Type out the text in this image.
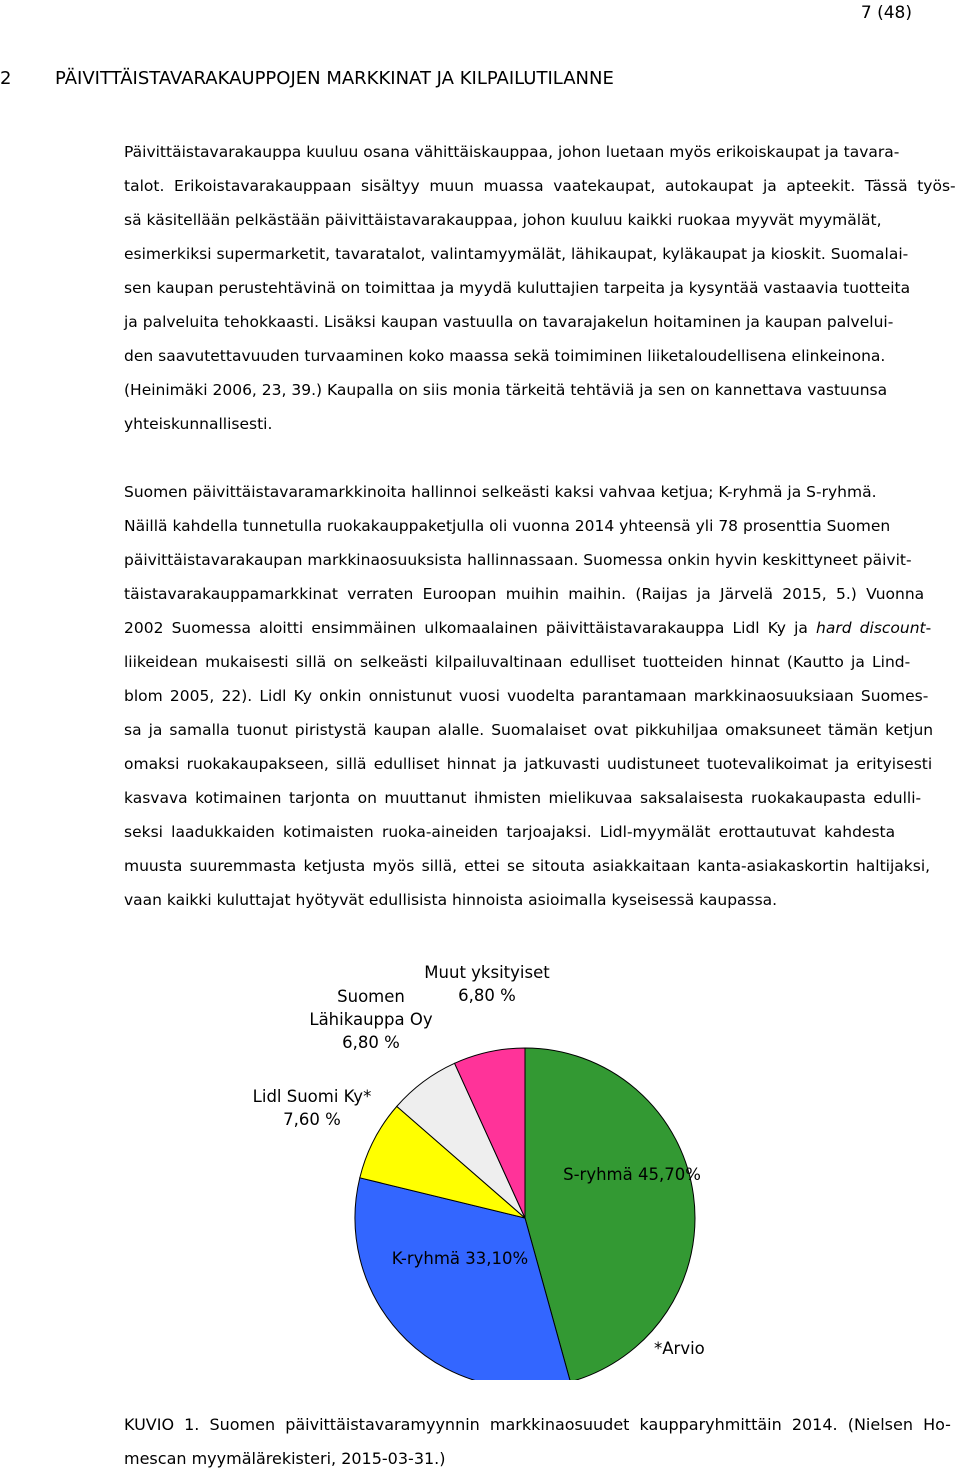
7 (48)
2 PÄIVITTÄISTAVARAKAUPPOJEN MARKKINAT JA KILPAILUTILANNE
Päivittäistavarakauppa kuuluu osana vähittäiskauppaa, johon luetaan myös erikoiskaupat ja tavara-
talot. Erikoistavarakauppaan sisältyy muun muassa vaatekaupat, autokaupat ja apteekit. Tässä työs-
sä käsitellään pelkästään päivittäistavarakauppaa, johon kuuluu kaikki ruokaa myyvät myymälät,
esimerkiksi supermarketit, tavaratalot, valintamyymälät, lähikaupat, kyläkaupat ja kioskit. Suomalai-
sen kaupan perustehtävinä on toimittaa ja myydä kuluttajien tarpeita ja kysyntää vastaavia tuotteita
ja palveluita tehokkaasti. Lisäksi kaupan vastuulla on tavarajakelun hoitaminen ja kaupan palvelui-
den saavutettavuuden turvaaminen koko maassa sekä toimiminen liiketaloudellisena elinkeinona.
(Heinimäki 2006, 23, 39.) Kaupalla on siis monia tärkeitä tehtäviä ja sen on kannettava vastuunsa
yhteiskunnallisesti.
Suomen päivittäistavaramarkkinoita hallinnoi selkeästi kaksi vahvaa ketjua; K-ryhmä ja S-ryhmä.
Näillä kahdella tunnetulla ruokakauppaketjulla oli vuonna 2014 yhteensä yli 78 prosenttia Suomen
päivittäistavarakaupan markkinaosuuksista hallinnassaan. Suomessa onkin hyvin keskittyneet päivit-
täistavarakauppamarkkinat verraten Euroopan muihin maihin. (Raijas ja Järvelä 2015, 5.) Vuonna
2002 Suomessa aloitti ensimmäinen ulkomaalainen päivittäistavarakauppa Lidl Ky ja hard discount-
liikeidean mukaisesti sillä on selkeästi kilpailuvaltinaan edulliset tuotteiden hinnat (Kautto ja Lind-
blom 2005, 22). Lidl Ky onkin onnistunut vuosi vuodelta parantamaan markkinaosuuksiaan Suomes-
sa ja samalla tuonut piristystä kaupan alalle. Suomalaiset ovat pikkuhiljaa omaksuneet tämän ketjun
omaksi ruokakaupakseen, sillä edulliset hinnat ja jatkuvasti uudistuneet tuotevalikoimat ja erityisesti
kasvava kotimainen tarjonta on muuttanut ihmisten mielikuvaa saksalaisesta ruokakaupasta edulli-
seksi laadukkaiden kotimaisten ruoka-aineiden tarjoajaksi. Lidl-myymälät erottautuvat kahdesta
muusta suuremmasta ketjusta myös sillä, ettei se sitouta asiakkaitaan kanta-asiakaskortin haltijaksi,
vaan kaikki kuluttajat hyötyvät edullisista hinnoista asioimalla kyseisessä kaupassa.
S-ryhmä 45,70%
K-ryhmä 33,10%
Lidl Suomi Ky* 7,60 %
Suomen Lähikauppa Oy 6,80 %
Muut yksityiset 6,80 %
*Arvio
KUVIO 1. Suomen päivittäistavaramyynnin markkinaosuudet kaupparyhmittäin 2014. (Nielsen Ho-
mescan myymälärekisteri, 2015-03-31.)
